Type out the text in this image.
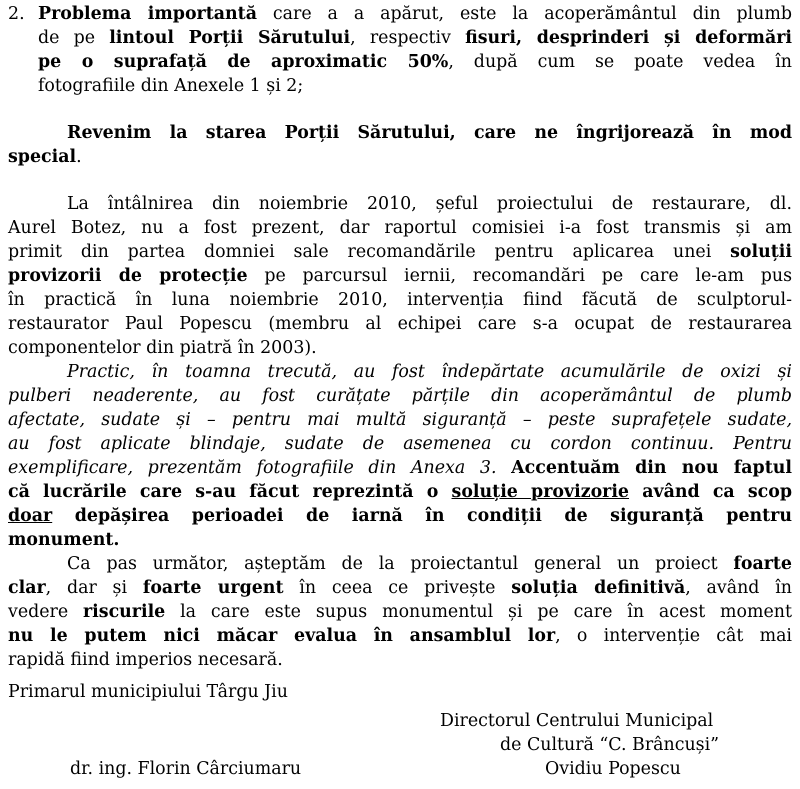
2. Problema importantă care a a apărut, este la acoperământul din plumb
de pe lintoul Porții Sărutului, respectiv fisuri, desprinderi și deformări
pe o suprafață de aproximatic 50%, după cum se poate vedea în
fotografiile din Anexele 1 și 2;
Revenim la starea Porții Sărutului, care ne îngrijorează în mod
special.
La întâlnirea din noiembrie 2010, șeful proiectului de restaurare, dl.
Aurel Botez, nu a fost prezent, dar raportul comisiei i-a fost transmis și am
primit din partea domniei sale recomandările pentru aplicarea unei soluții
provizorii de protecție pe parcursul iernii, recomandări pe care le-am pus
în practică în luna noiembrie 2010, intervenția fiind făcută de sculptorul-
restaurator Paul Popescu (membru al echipei care s-a ocupat de restaurarea
componentelor din piatră în 2003).
Practic, în toamna trecută, au fost îndepărtate acumulările de oxizi și
pulberi neaderente, au fost curățate părțile din acoperământul de plumb
afectate, sudate și – pentru mai multă siguranță – peste suprafețele sudate,
au fost aplicate blindaje, sudate de asemenea cu cordon continuu. Pentru
exemplificare, prezentăm fotografiile din Anexa 3. Accentuăm din nou faptul
că lucrările care s-au făcut reprezintă o soluție provizorie având ca scop
doar depășirea perioadei de iarnă în condiții de siguranță pentru
monument.
Ca pas următor, așteptăm de la proiectantul general un proiect foarte
clar, dar și foarte urgent în ceea ce privește soluția definitivă, având în
vedere riscurile la care este supus monumentul și pe care în acest moment
nu le putem nici măcar evalua în ansamblul lor, o intervenție cât mai
rapidă fiind imperios necesară.
Primarul municipiului Târgu Jiu
Directorul Centrului Municipal
de Cultură “C. Brâncuși”
dr. ing. Florin Cârciumaru	Ovidiu Popescu
